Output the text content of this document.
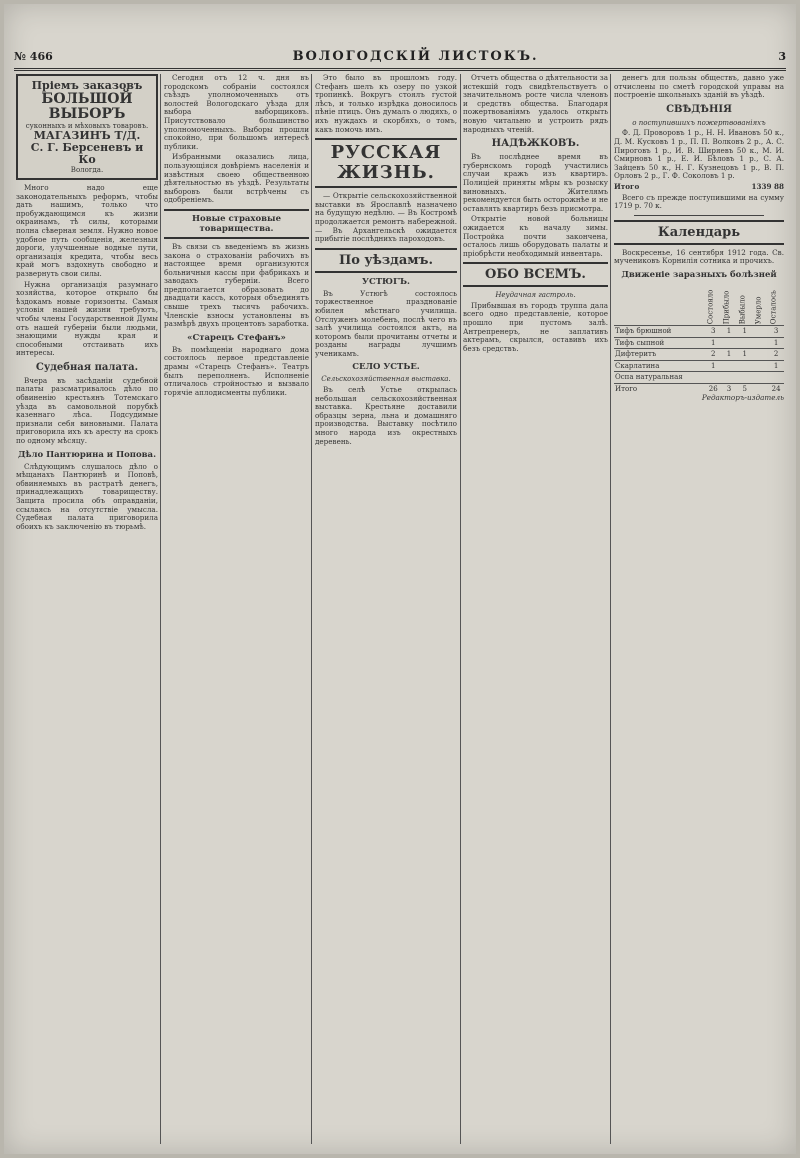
№ 466	ВОЛОГОДСКІЙ ЛИСТОКЪ.	3
Пріемъ заказовъ
БОЛЬШОЙ ВЫБОРЪ
суконныхъ и мѣховыхъ товаровъ.
МАГАЗИНЪ Т/Д.
С. Г. Берсеневъ и Ко
Вологда.

Много надо еще законодательныхъ реформъ, чтобы дать нашимъ, только что пробуждающимся къ жизни окраинамъ, тѣ силы, которыми полна сѣверная земля. Нужно новое удобное путь сообщенія, железныя дороги, улучшенные водные пути, организація кредита, чтобы весь край могъ вздохнуть свободно и развернуть свои силы.

Нужна организація разумнаго хозяйства, которое открыло бы ѣздокамъ новые горизонты. Самыя условія нашей жизни требуютъ, чтобы члены Государственной Думы отъ нашей губерніи были людьми, знающими нужды края и способными отстаивать ихъ интересы.

Судебная палата.

Вчера въ засѣданіи судебной палаты разсматривалось дѣло по обвиненію крестьянъ Тотемскаго уѣзда въ самовольной порубкѣ казеннаго лѣса. Подсудимые признали себя виновными. Палата приговорила ихъ къ аресту на срокъ по одному мѣсяцу.

Дѣло Пантюрина и Попова.

Слѣдующимъ слушалось дѣло о мѣщанахъ Пантюринѣ и Поповѣ, обвиняемыхъ въ растратѣ денегъ, принадлежащихъ товариществу. Защита просила объ оправданіи, ссылаясь на отсутствіе умысла. Судебная палата приговорила обоихъ къ заключенію въ тюрьмѣ.

Сегодня отъ 12 ч. дня въ городскомъ собраніи состоялся съѣздъ уполномоченныхъ отъ волостей Вологодскаго уѣзда для выбора выборщиковъ. Присутствовало большинство уполномоченныхъ. Выборы прошли спокойно, при большомъ интересѣ публики.

Избранными оказались лица, пользующіяся довѣріемъ населенія и извѣстныя своею общественною дѣятельностью въ уѣздѣ. Результаты выборовъ были встрѣчены съ одобреніемъ.

Новые страховые товарищества.

Въ связи съ введеніемъ въ жизнь закона о страхованіи рабочихъ въ настоящее время организуются больничныя кассы при фабрикахъ и заводахъ губерніи. Всего предполагается образовать до двадцати кассъ, которыя объединятъ свыше трехъ тысячъ рабочихъ. Членскіе взносы установлены въ размѣрѣ двухъ процентовъ заработка.

«Старецъ Стефанъ»

Въ помѣщеніи народнаго дома состоялось первое представленіе драмы «Старецъ Стефанъ». Театръ былъ переполненъ. Исполненіе отличалось стройностью и вызвало горячіе аплодисменты публики.

Это было въ прошломъ году. Стефанъ шелъ къ озеру по узкой тропинкѣ. Вокругъ стоялъ густой лѣсъ, и только изрѣдка доносилось пѣніе птицъ. Онъ думалъ о людяхъ, о ихъ нуждахъ и скорбяхъ, о томъ, какъ помочь имъ.

РУССКАЯ ЖИЗНЬ.

— Открытіе сельскохозяйственной выставки въ Ярославлѣ назначено на будущую недѣлю. — Въ Костромѣ продолжается ремонтъ набережной. — Въ Архангельскѣ ожидается прибытіе послѣднихъ пароходовъ.

По уѣздамъ.
УСТЮГЪ.

Въ Устюгѣ состоялось торжественное празднованіе юбилея мѣстнаго училища. Отслуженъ молебенъ, послѣ чего въ залѣ училища состоялся актъ, на которомъ были прочитаны отчеты и розданы награды лучшимъ ученикамъ.

СЕЛО УСТЬЕ.
Сельскохозяйственная выставка.

Въ селѣ Устье открылась небольшая сельскохозяйственная выставка. Крестьяне доставили образцы зерна, льна и домашняго производства. Выставку посѣтило много народа изъ окрестныхъ деревень.

Отчетъ общества о дѣятельности за истекшій годъ свидѣтельствуетъ о значительномъ росте числа членовъ и средствъ общества. Благодаря пожертвованіямъ удалось открыть новую читальню и устроить рядъ народныхъ чтеній.

НАДѢЖКОВЪ.

Въ послѣднее время въ губернскомъ городѣ участились случаи кражъ изъ квартиръ. Полиціей приняты мѣры къ розыску виновныхъ. Жителямъ рекомендуется быть осторожнѣе и не оставлять квартиръ безъ присмотра.

Открытіе новой больницы ожидается къ началу зимы. Постройка почти закончена, осталось лишь оборудовать палаты и пріобрѣсти необходимый инвентарь.

ОБО ВСЕМЪ.
Неудачная гастроль.

Прибывшая въ городъ труппа дала всего одно представленіе, которое прошло при пустомъ залѣ. Антрепренеръ, не заплативъ актерамъ, скрылся, оставивъ ихъ безъ средствъ.

денегъ для пользы обществъ, давно уже отчислены по сметѣ городской управы на построеніе школьныхъ зданій въ уѣздѣ.

СВѢДѢНІЯ
о поступившихъ пожертвованіяхъ

Ф. Д. Проворовъ 1 р., Н. Н. Ивановъ 50 к., Д. М. Кусковъ 1 р., П. П. Волковъ 2 р., А. С. Пироговъ 1 р., И. В. Ширяевъ 50 к., М. И. Смирновъ 1 р., Е. И. Бѣловъ 1 р., С. А. Зайцевъ 50 к., Н. Г. Кузнецовъ 1 р., В. П. Орловъ 2 р., Г. Ф. Соколовъ 1 р.

Итого	1339 88

Всего съ прежде поступившими на сумму 1719 р. 70 к.

Календарь

Воскресенье, 16 сентября 1912 года. Св. мучениковъ Корнилія сотника и прочихъ.

Движеніе заразныхъ болѣзней
	Состояло	Прибыло	Выбыло	Умерло	Осталось
Тифъ брюшной	3	1	1		3
Тифъ сыпной	1				1
Дифтеритъ	2	1	1		2
Скарлатина	1				1
Оспа натуральная					
Итого	26	3	5		24
Редакторъ-издатель
